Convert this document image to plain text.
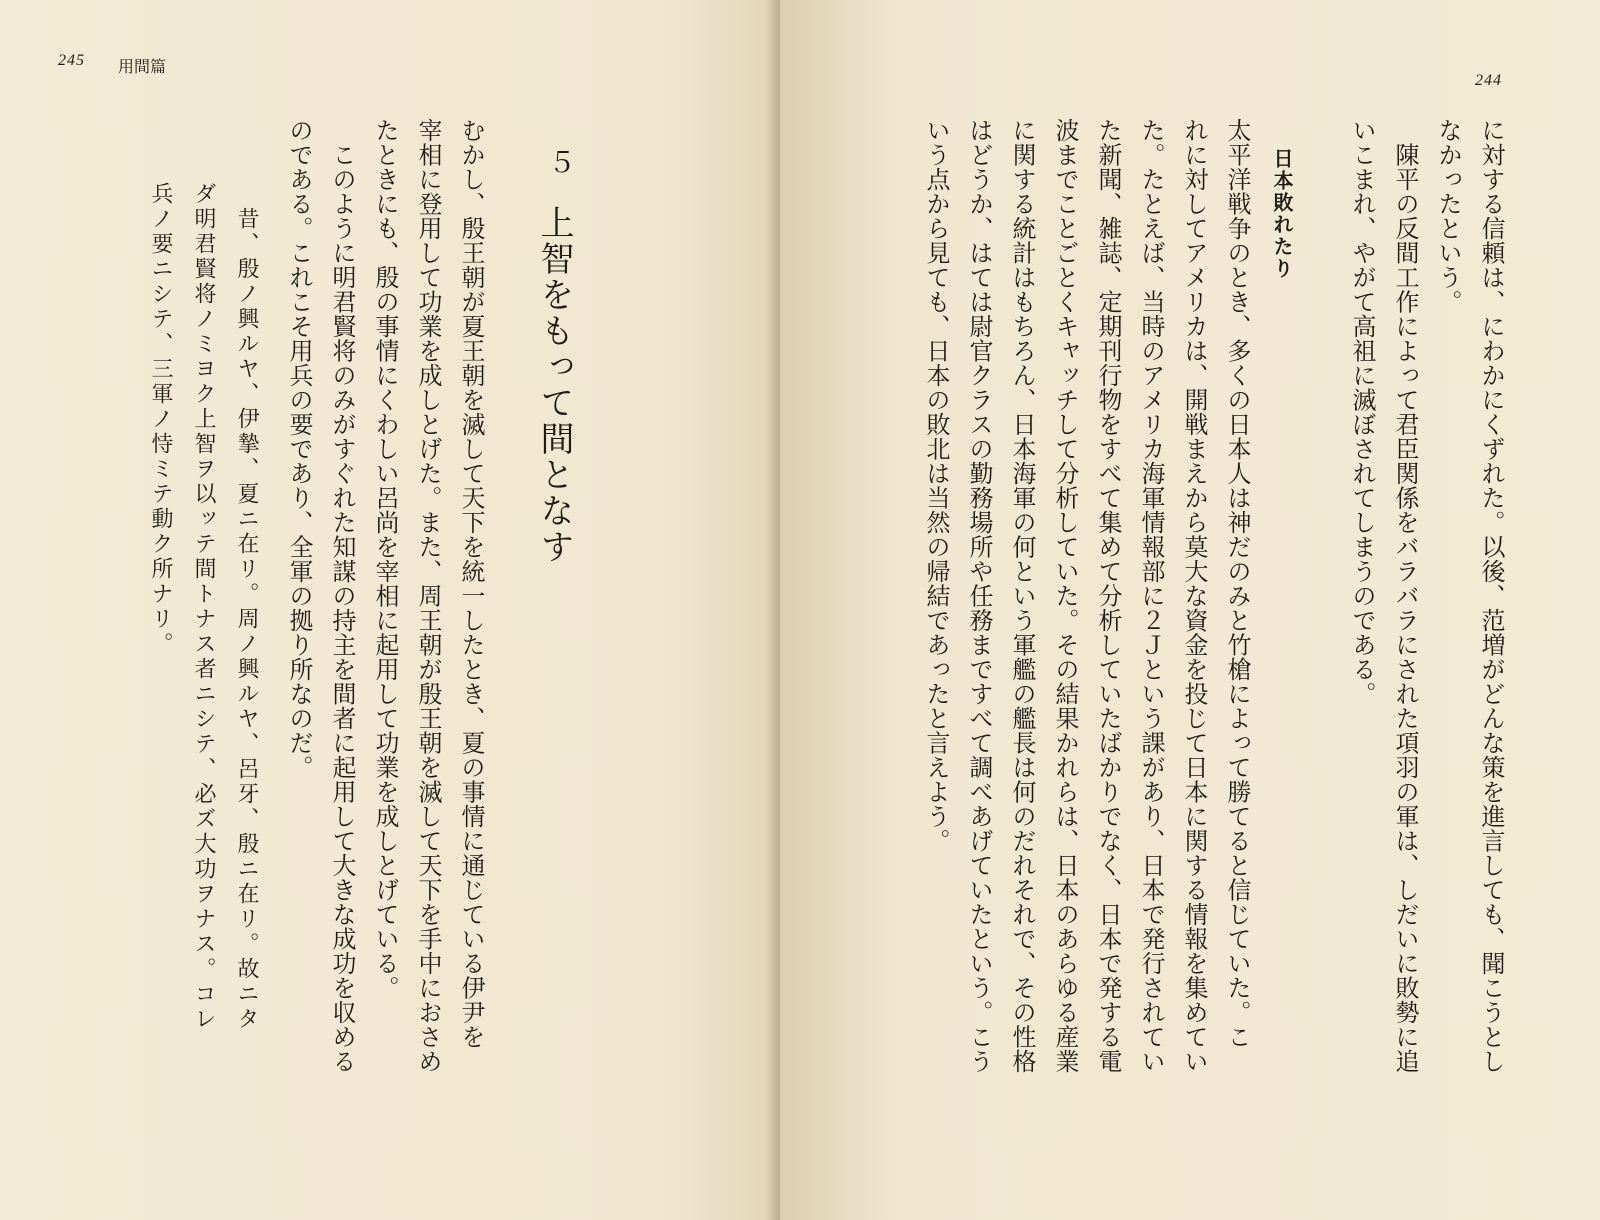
245 用間篇
５
上智をもって間となす
むかし、殷王朝が夏王朝を滅して天下を統一したとき、夏の事情に通じている伊尹を
宰相に登用して功業を成しとげた。また、周王朝が殷王朝を滅して天下を手中におさめ
たときにも、殷の事情にくわしい呂尚を宰相に起用して功業を成しとげている。
　このように明君賢将のみがすぐれた知謀の持主を間者に起用して大きな成功を収める
のである。これこそ用兵の要であり、全軍の拠り所なのだ。
　昔、殷ノ興ルヤ、伊摯、夏ニ在リ。周ノ興ルヤ、呂牙、殷ニ在リ。故ニタ
ダ明君賢将ノミヨク上智ヲ以ッテ間トナス者ニシテ、必ズ大功ヲナス。コレ
兵ノ要ニシテ、三軍ノ恃ミテ動ク所ナリ。
244
に対する信頼は、にわかにくずれた。以後、范増がどんな策を進言しても、聞こうとし
なかったという。
　陳平の反間工作によって君臣関係をバラバラにされた項羽の軍は、しだいに敗勢に追
いこまれ、やがて高祖に滅ぼされてしまうのである。
日本敗れたり
太平洋戦争のとき、多くの日本人は神だのみと竹槍によって勝てると信じていた。こ
れに対してアメリカは、開戦まえから莫大な資金を投じて日本に関する情報を集めてい
た。たとえば、当時のアメリカ海軍情報部に２Ｊという課があり、日本で発行されてい
た新聞、雑誌、定期刊行物をすべて集めて分析していたばかりでなく、日本で発する電
波までことごとくキャッチして分析していた。その結果かれらは、日本のあらゆる産業
に関する統計はもちろん、日本海軍の何という軍艦の艦長は何のだれそれで、その性格
はどうか、はては尉官クラスの勤務場所や任務まですべて調べあげていたという。こう
いう点から見ても、日本の敗北は当然の帰結であったと言えよう。
